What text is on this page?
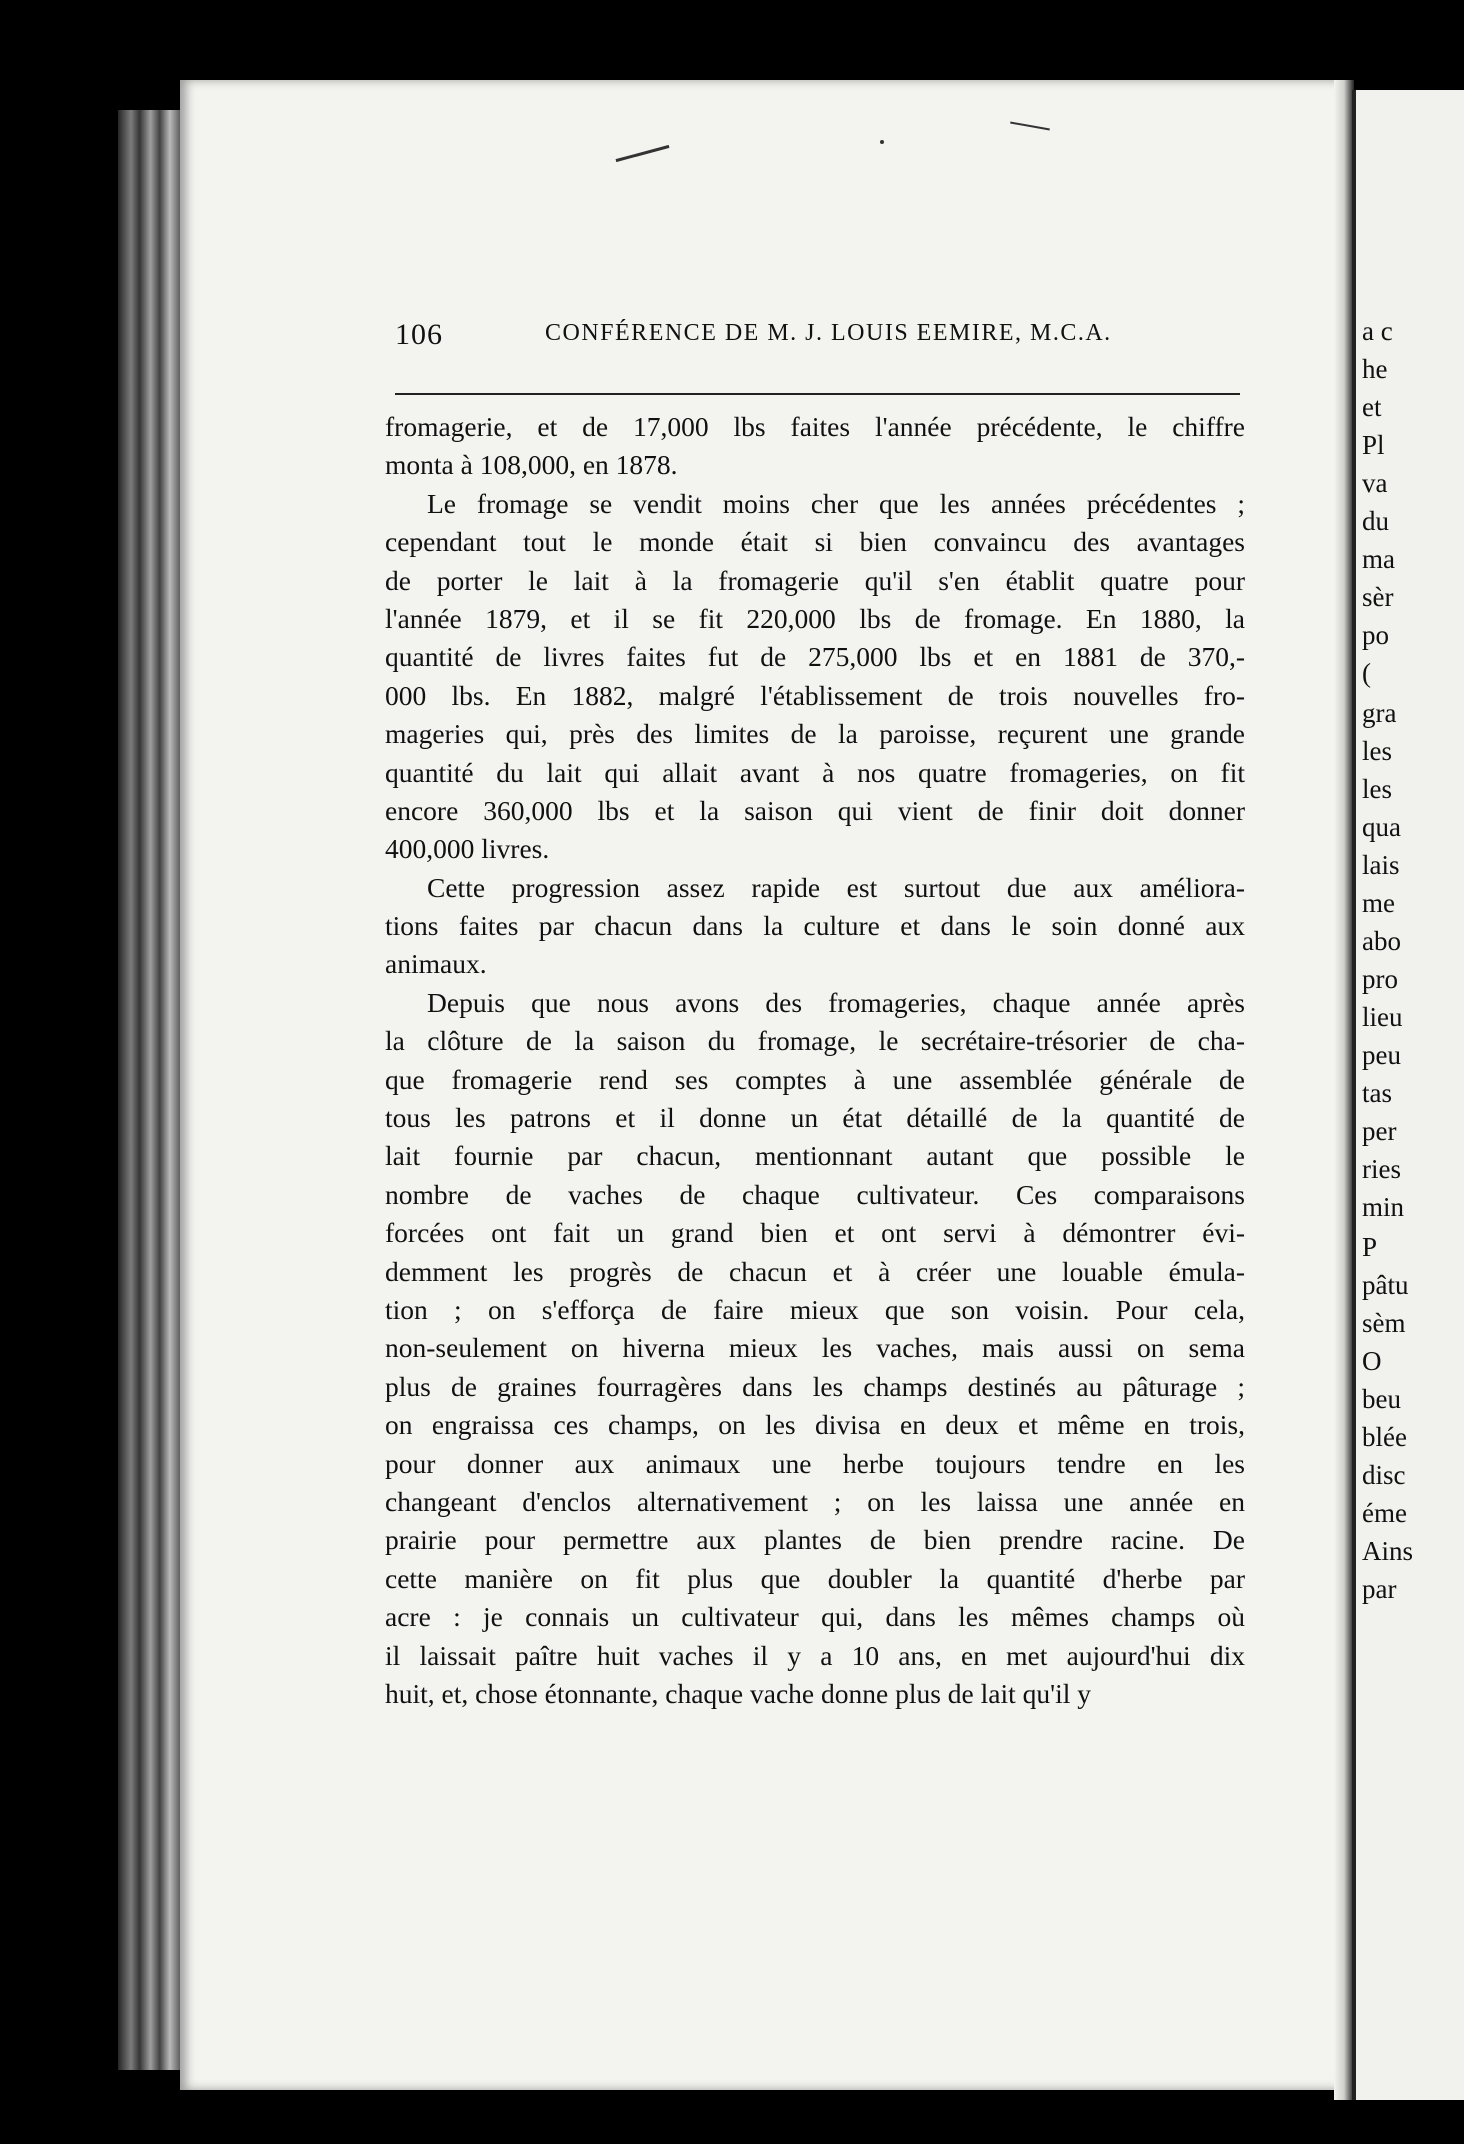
a c
he
et
Pl
va
du
ma
sèr
po
(
gra
les
les
qua
lais
me
abo
pro
lieu
peu
tas
per
ries
min
P
pâtu
sèm
O
beu
blée
disc
éme
Ains
par
106	CONFÉRENCE DE M. J. LOUIS EEMIRE, M.C.A.
fromagerie, et de 17,000 lbs faites l'année précédente, le chiffre
monta à 108,000, en 1878.
Le fromage se vendit moins cher que les années précédentes ;
cependant tout le monde était si bien convaincu des avantages
de porter le lait à la fromagerie qu'il s'en établit quatre pour
l'année 1879, et il se fit 220,000 lbs de fromage. En 1880, la
quantité de livres faites fut de 275,000 lbs et en 1881 de 370,-
000 lbs. En 1882, malgré l'établissement de trois nouvelles fro-
mageries qui, près des limites de la paroisse, reçurent une grande
quantité du lait qui allait avant à nos quatre fromageries, on fit
encore 360,000 lbs et la saison qui vient de finir doit donner
400,000 livres.
Cette progression assez rapide est surtout due aux améliora-
tions faites par chacun dans la culture et dans le soin donné aux
animaux.
Depuis que nous avons des fromageries, chaque année après
la clôture de la saison du fromage, le secrétaire-trésorier de cha-
que fromagerie rend ses comptes à une assemblée générale de
tous les patrons et il donne un état détaillé de la quantité de
lait fournie par chacun, mentionnant autant que possible le
nombre de vaches de chaque cultivateur. Ces comparaisons
forcées ont fait un grand bien et ont servi à démontrer évi-
demment les progrès de chacun et à créer une louable émula-
tion ; on s'efforça de faire mieux que son voisin. Pour cela,
non-seulement on hiverna mieux les vaches, mais aussi on sema
plus de graines fourragères dans les champs destinés au pâturage ;
on engraissa ces champs, on les divisa en deux et même en trois,
pour donner aux animaux une herbe toujours tendre en les
changeant d'enclos alternativement ; on les laissa une année en
prairie pour permettre aux plantes de bien prendre racine. De
cette manière on fit plus que doubler la quantité d'herbe par
acre : je connais un cultivateur qui, dans les mêmes champs où
il laissait paître huit vaches il y a 10 ans, en met aujourd'hui dix
huit, et, chose étonnante, chaque vache donne plus de lait qu'il y
